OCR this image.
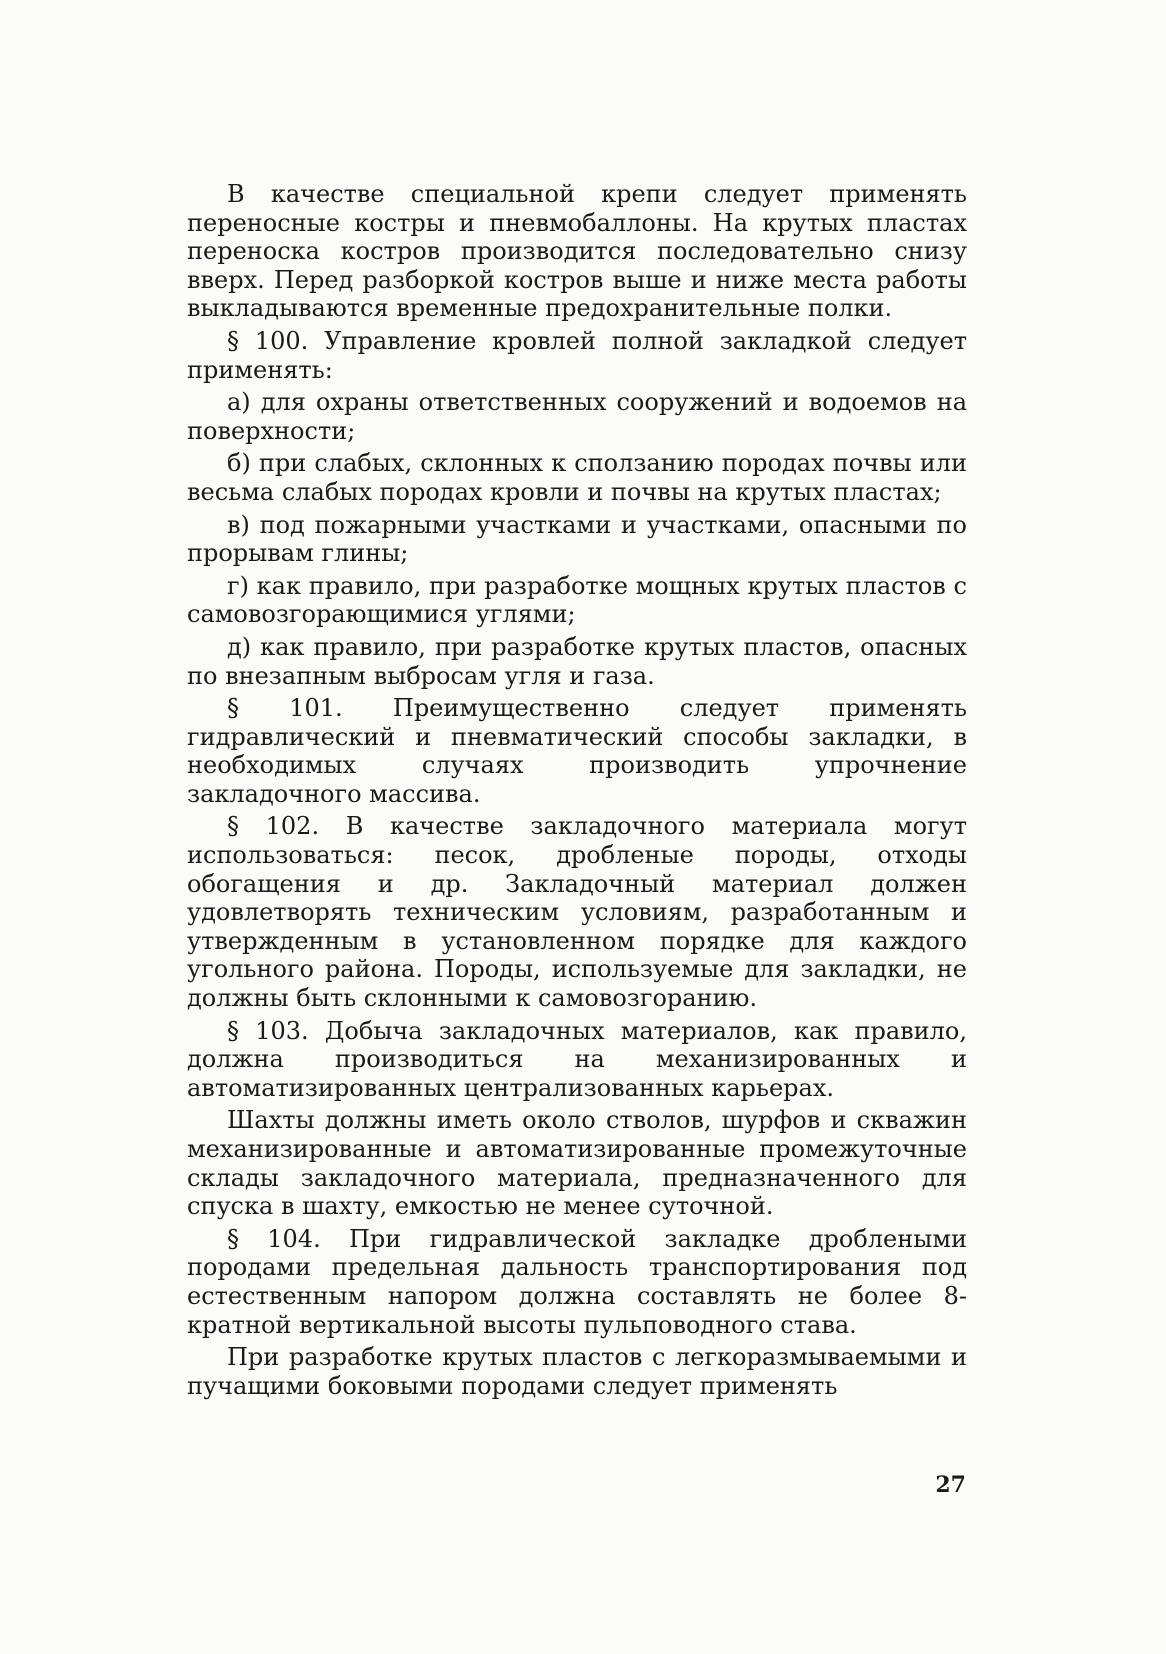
В качестве специальной крепи следует применять переносные костры и пневмобаллоны. На крутых пластах переноска костров производится последовательно снизу вверх. Перед разборкой костров выше и ниже места работы выкладываются временные предохранительные полки.

§ 100. Управление кровлей полной закладкой следует применять:

а) для охраны ответственных сооружений и водоемов на поверхности;

б) при слабых, склонных к сползанию породах почвы или весьма слабых породах кровли и почвы на крутых пластах;

в) под пожарными участками и участками, опасными по прорывам глины;

г) как правило, при разработке мощных крутых пластов с самовозгорающимися углями;

д) как правило, при разработке крутых пластов, опасных по внезапным выбросам угля и газа.

§ 101. Преимущественно следует применять гидравлический и пневматический способы закладки, в необходимых случаях производить упрочнение закладочного массива.

§ 102. В качестве закладочного материала могут использоваться: песок, дробленые породы, отходы обогащения и др. Закладочный материал должен удовлетворять техническим условиям, разработанным и утвержденным в установленном порядке для каждого угольного района. Породы, используемые для закладки, не должны быть склонными к самовозгоранию.

§ 103. Добыча закладочных материалов, как правило, должна производиться на механизированных и автоматизированных централизованных карьерах.

Шахты должны иметь около стволов, шурфов и скважин механизированные и автоматизированные промежуточные склады закладочного материала, предназначенного для спуска в шахту, емкостью не менее суточной.

§ 104. При гидравлической закладке дроблеными породами предельная дальность транспортирования под естественным напором должна составлять не более 8-кратной вертикальной высоты пульповодного става.

При разработке крутых пластов с легкоразмываемыми и пучащими боковыми породами следует применять

27
